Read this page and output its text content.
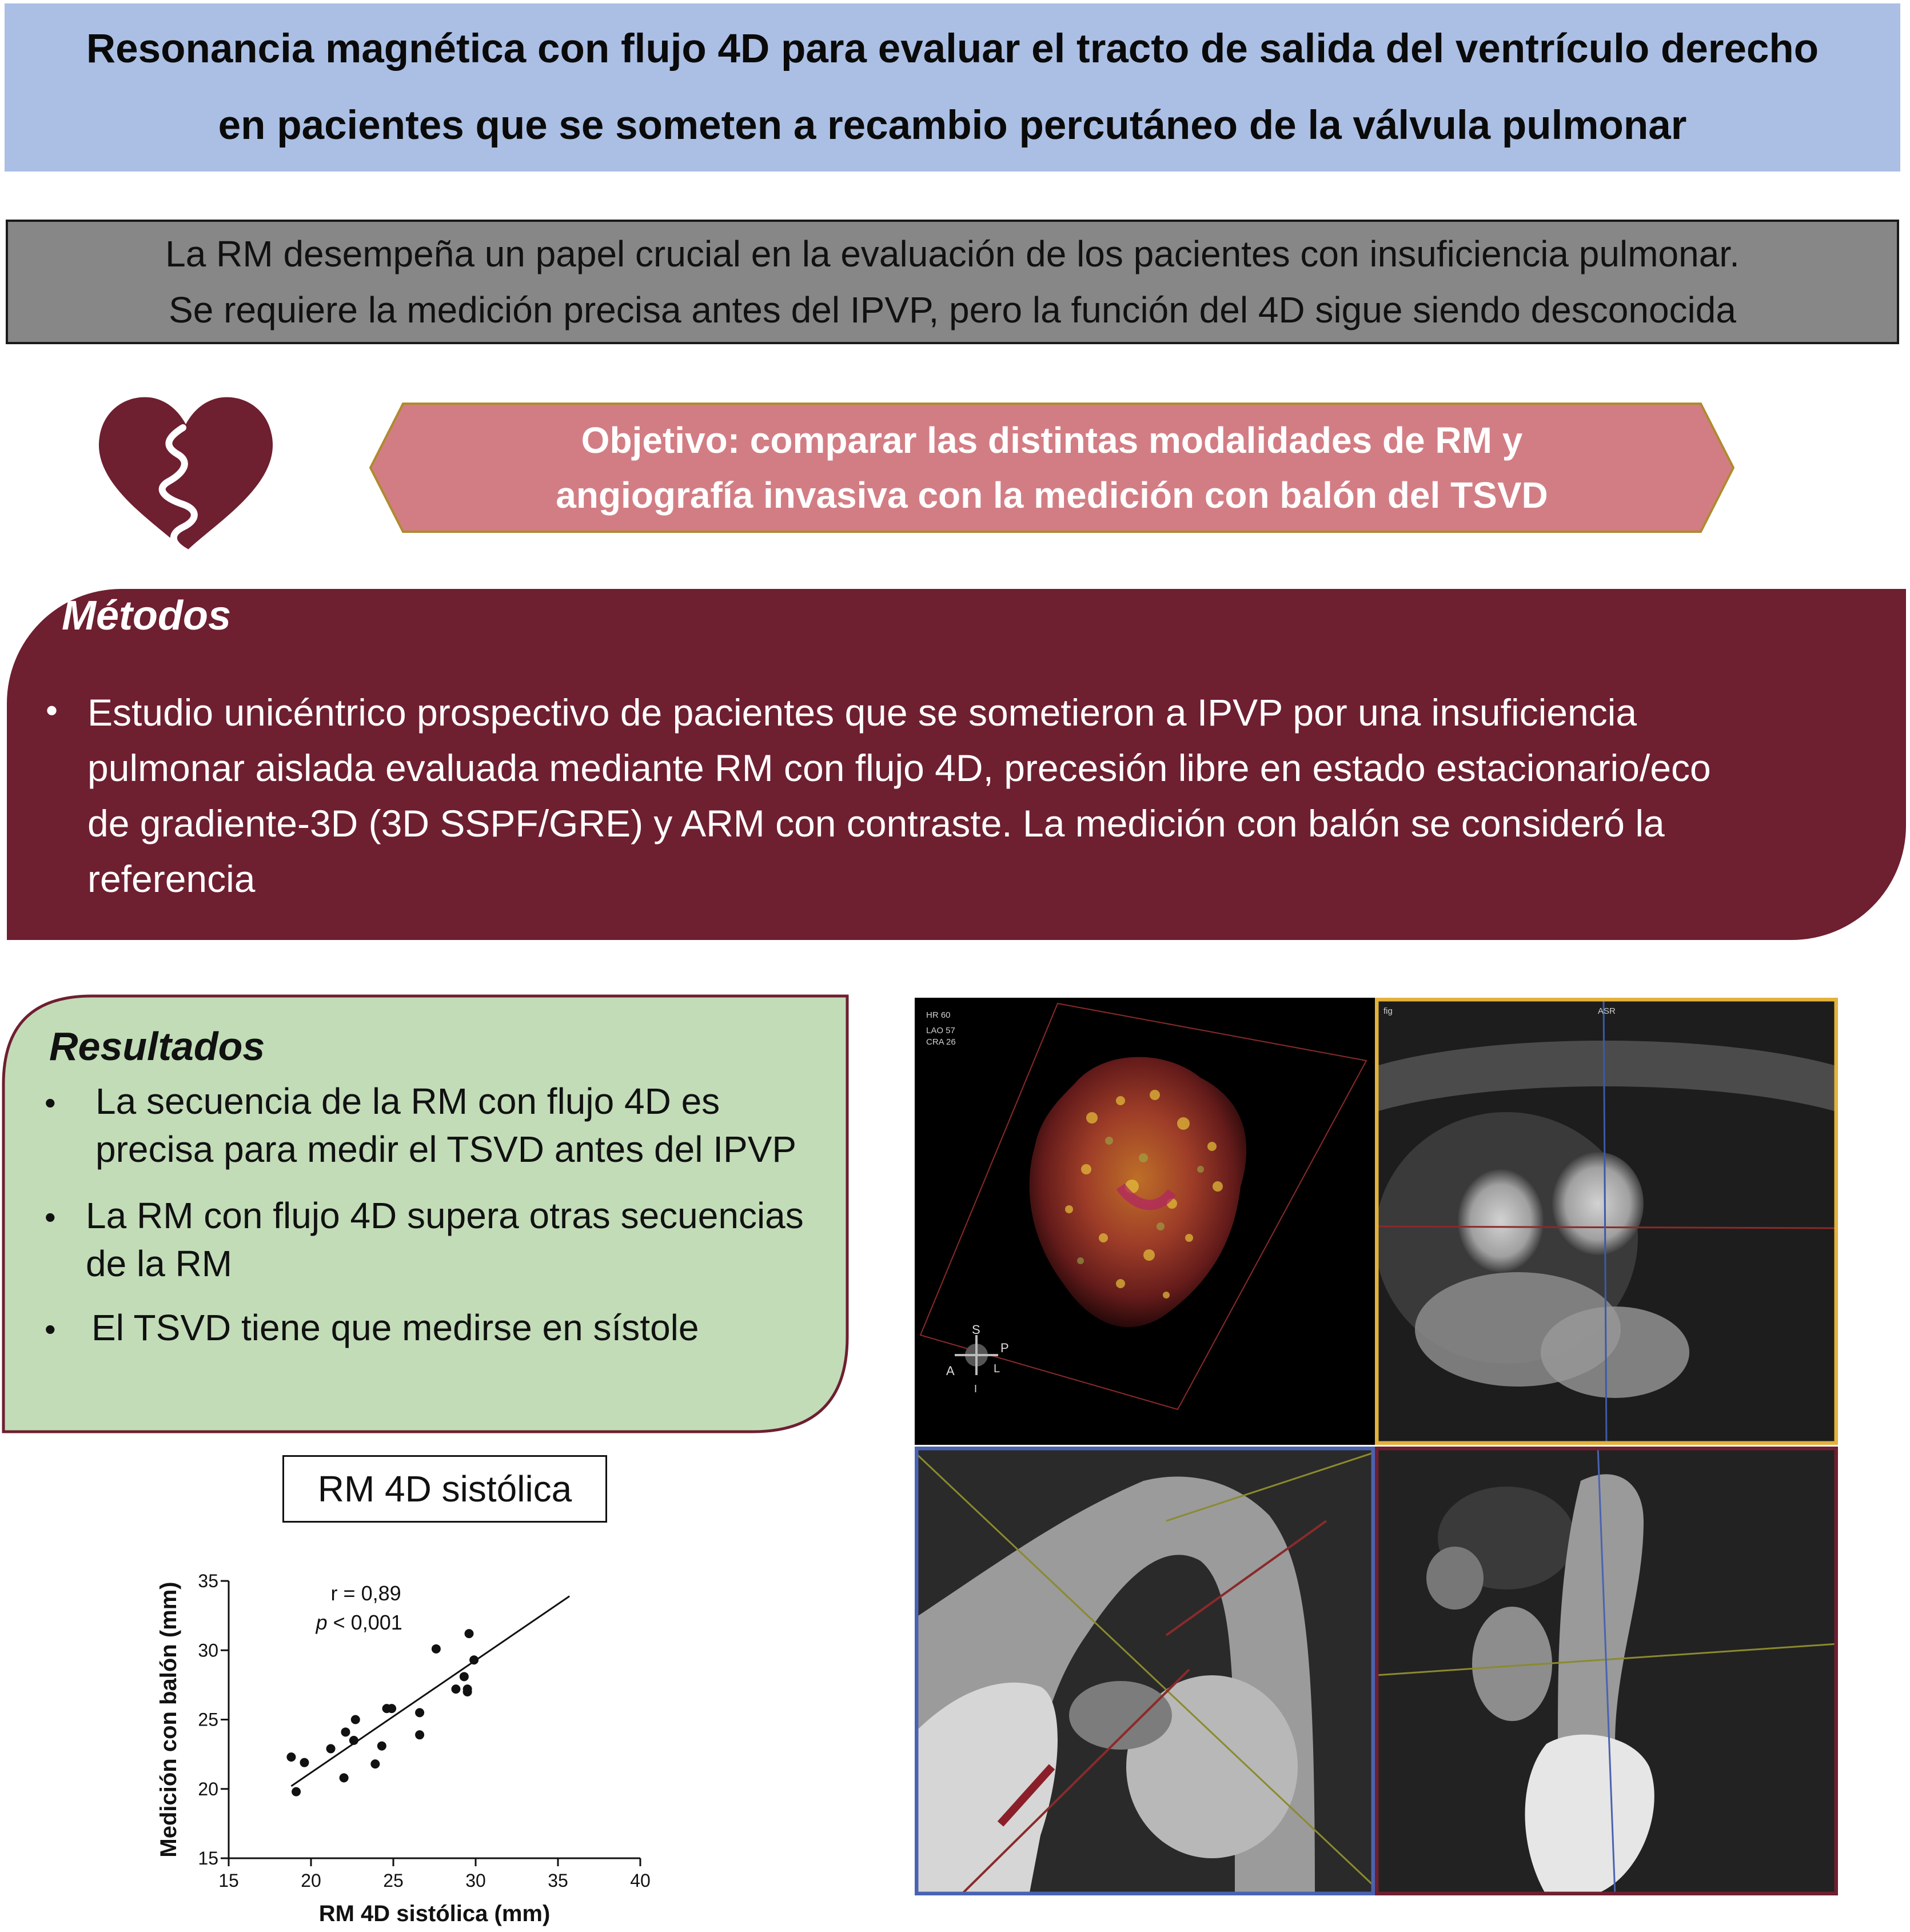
Resonancia magnética con flujo 4D para evaluar el tracto de salida del ventrículo derecho
en pacientes que se someten a recambio percutáneo de la válvula pulmonar
La RM desempeña un papel crucial en la evaluación de los pacientes con insuficiencia pulmonar.
Se requiere la medición precisa antes del IPVP, pero la función del 4D sigue siendo desconocida
Objetivo: comparar las distintas modalidades de RM y
angiografía invasiva con la medición con balón del TSVD
Métodos
• Estudio unicéntrico prospectivo de pacientes que se sometieron a IPVP por una insuficiencia
pulmonar aislada evaluada mediante RM con flujo 4D, precesión libre en estado estacionario/eco
de gradiente-3D (3D SSPF/GRE) y ARM con contraste. La medición con balón se consideró la
referencia
Resultados
• La secuencia de la RM con flujo 4D es
precisa para medir el TSVD antes del IPVP
• La RM con flujo 4D supera otras secuencias
de la RM
• El TSVD tiene que medirse en sístole
RM 4D sistólica
15	20	25	30	35	40
15
20
25
30
35
RM 4D sistólica (mm)
Medición con balón (mm)	r = 0,89
p < 0,001
HR 60
LAO 57
CRA 26
S
P
A	L
I
fig	ASR
